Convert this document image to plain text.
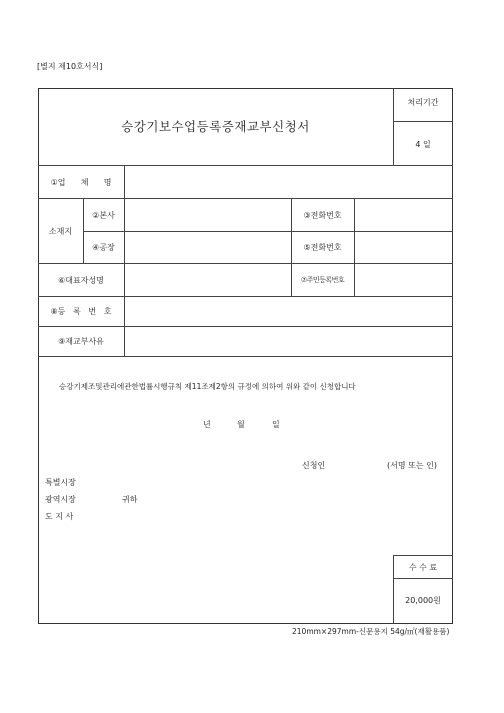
[별지 제10호서식]
승강기보수업등록증재교부신청서
처리기간
4 일
①업      체      명
소재지
②본사	③전화번호
④공장	⑤전화번호
⑥대표자성명	⑦주민등록번호
⑧등   록   번   호
⑨재교부사유
승강기제조및관리에관한법률시행규칙 제11조제2항의 규정에 의하여 위와 같이 신청합니다
년	월	일
신청인	(서명 또는 인)
특별시장
광역시장	귀하
도 지 사
수 수 료
20,000원
210mm×297mm-신문용지 54g/㎡(재활용품)
